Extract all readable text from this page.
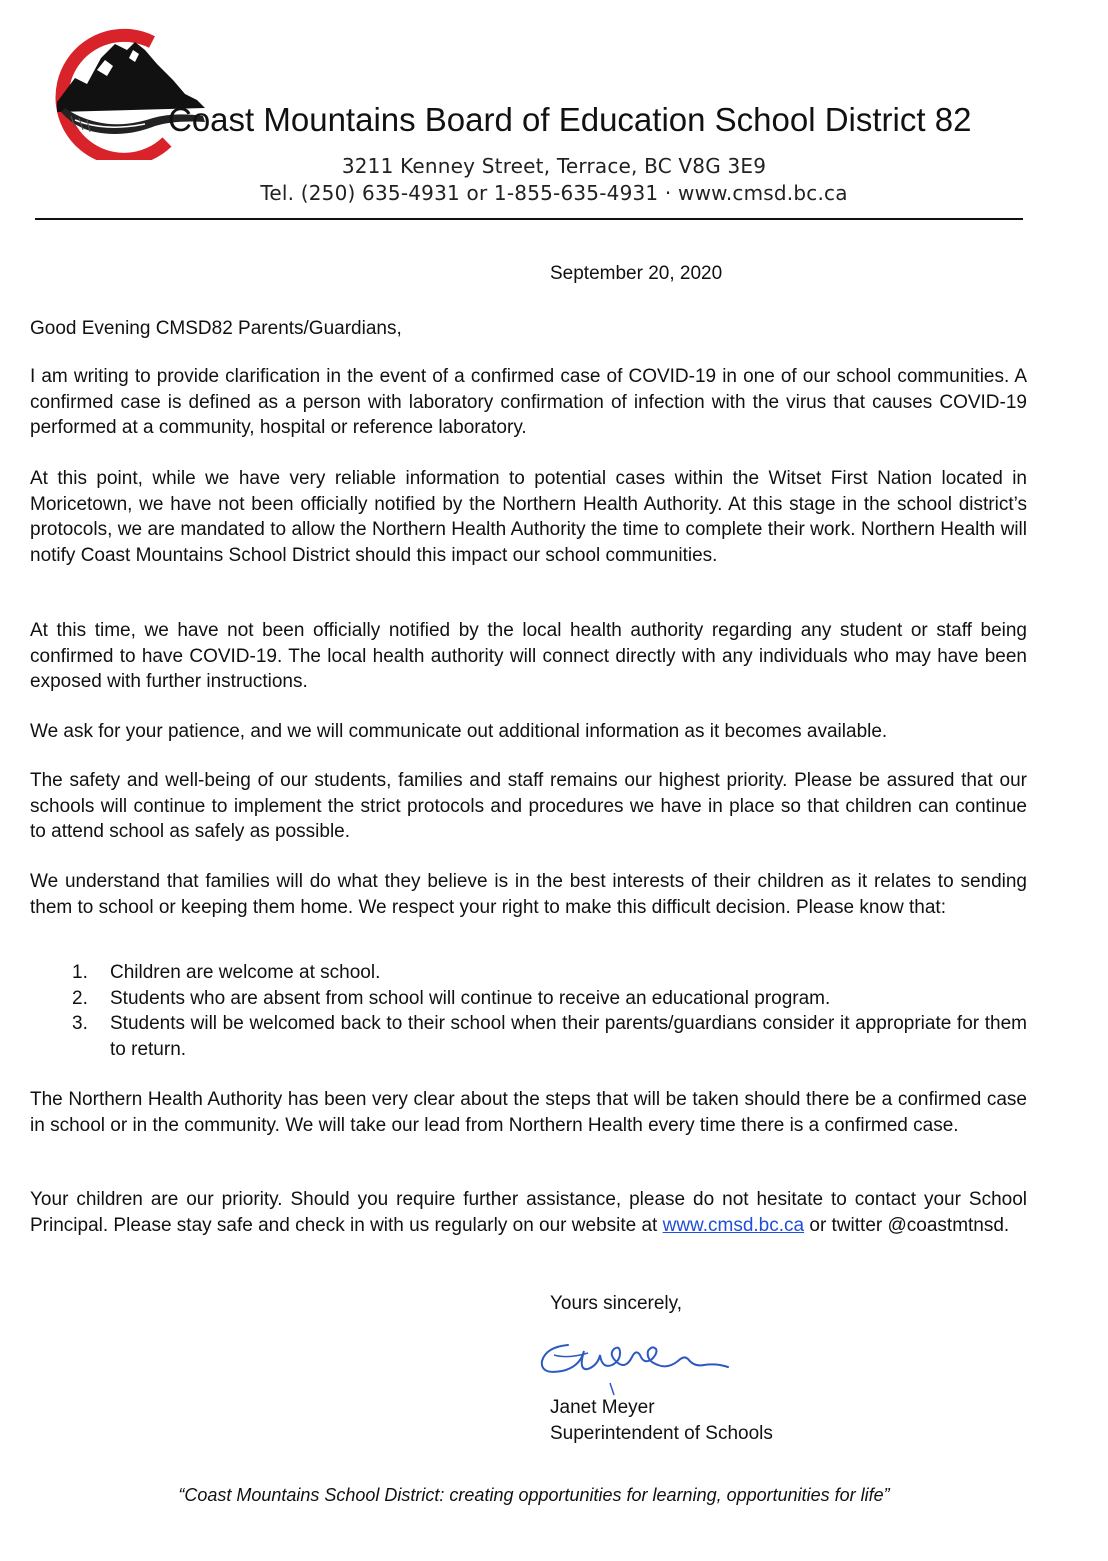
Coast Mountains Board of Education School District 82
3211 Kenney Street, Terrace, BC V8G 3E9
Tel. (250) 635-4931 or 1-855-635-4931 · www.cmsd.bc.ca
September 20, 2020
Good Evening CMSD82 Parents/Guardians,

I am writing to provide clarification in the event of a confirmed case of COVID-19 in one of our school communities. A confirmed case is defined as a person with laboratory confirmation of infection with the virus that causes COVID-19 performed at a community, hospital or reference laboratory.

At this point, while we have very reliable information to potential cases within the Witset First Nation located in Moricetown, we have not been officially notified by the Northern Health Authority. At this stage in the school district’s protocols, we are mandated to allow the Northern Health Authority the time to complete their work. Northern Health will notify Coast Mountains School District should this impact our school communities.

At this time, we have not been officially notified by the local health authority regarding any student or staff being confirmed to have COVID-19. The local health authority will connect directly with any individuals who may have been exposed with further instructions.

We ask for your patience, and we will communicate out additional information as it becomes available.

The safety and well-being of our students, families and staff remains our highest priority. Please be assured that our schools will continue to implement the strict protocols and procedures we have in place so that children can continue to attend school as safely as possible.

We understand that families will do what they believe is in the best interests of their children as it relates to sending them to school or keeping them home. We respect your right to make this difficult decision. Please know that:

1.	Children are welcome at school.
2.	Students who are absent from school will continue to receive an educational program.
3.	Students will be welcomed back to their school when their parents/guardians consider it appropriate for them to return.

The Northern Health Authority has been very clear about the steps that will be taken should there be a confirmed case in school or in the community. We will take our lead from Northern Health every time there is a confirmed case.

Your children are our priority. Should you require further assistance, please do not hesitate to contact your School Principal. Please stay safe and check in with us regularly on our website at www.cmsd.bc.ca or twitter @coastmtnsd.

Yours sincerely,
Janet Meyer
Superintendent of Schools
“Coast Mountains School District: creating opportunities for learning, opportunities for life”
